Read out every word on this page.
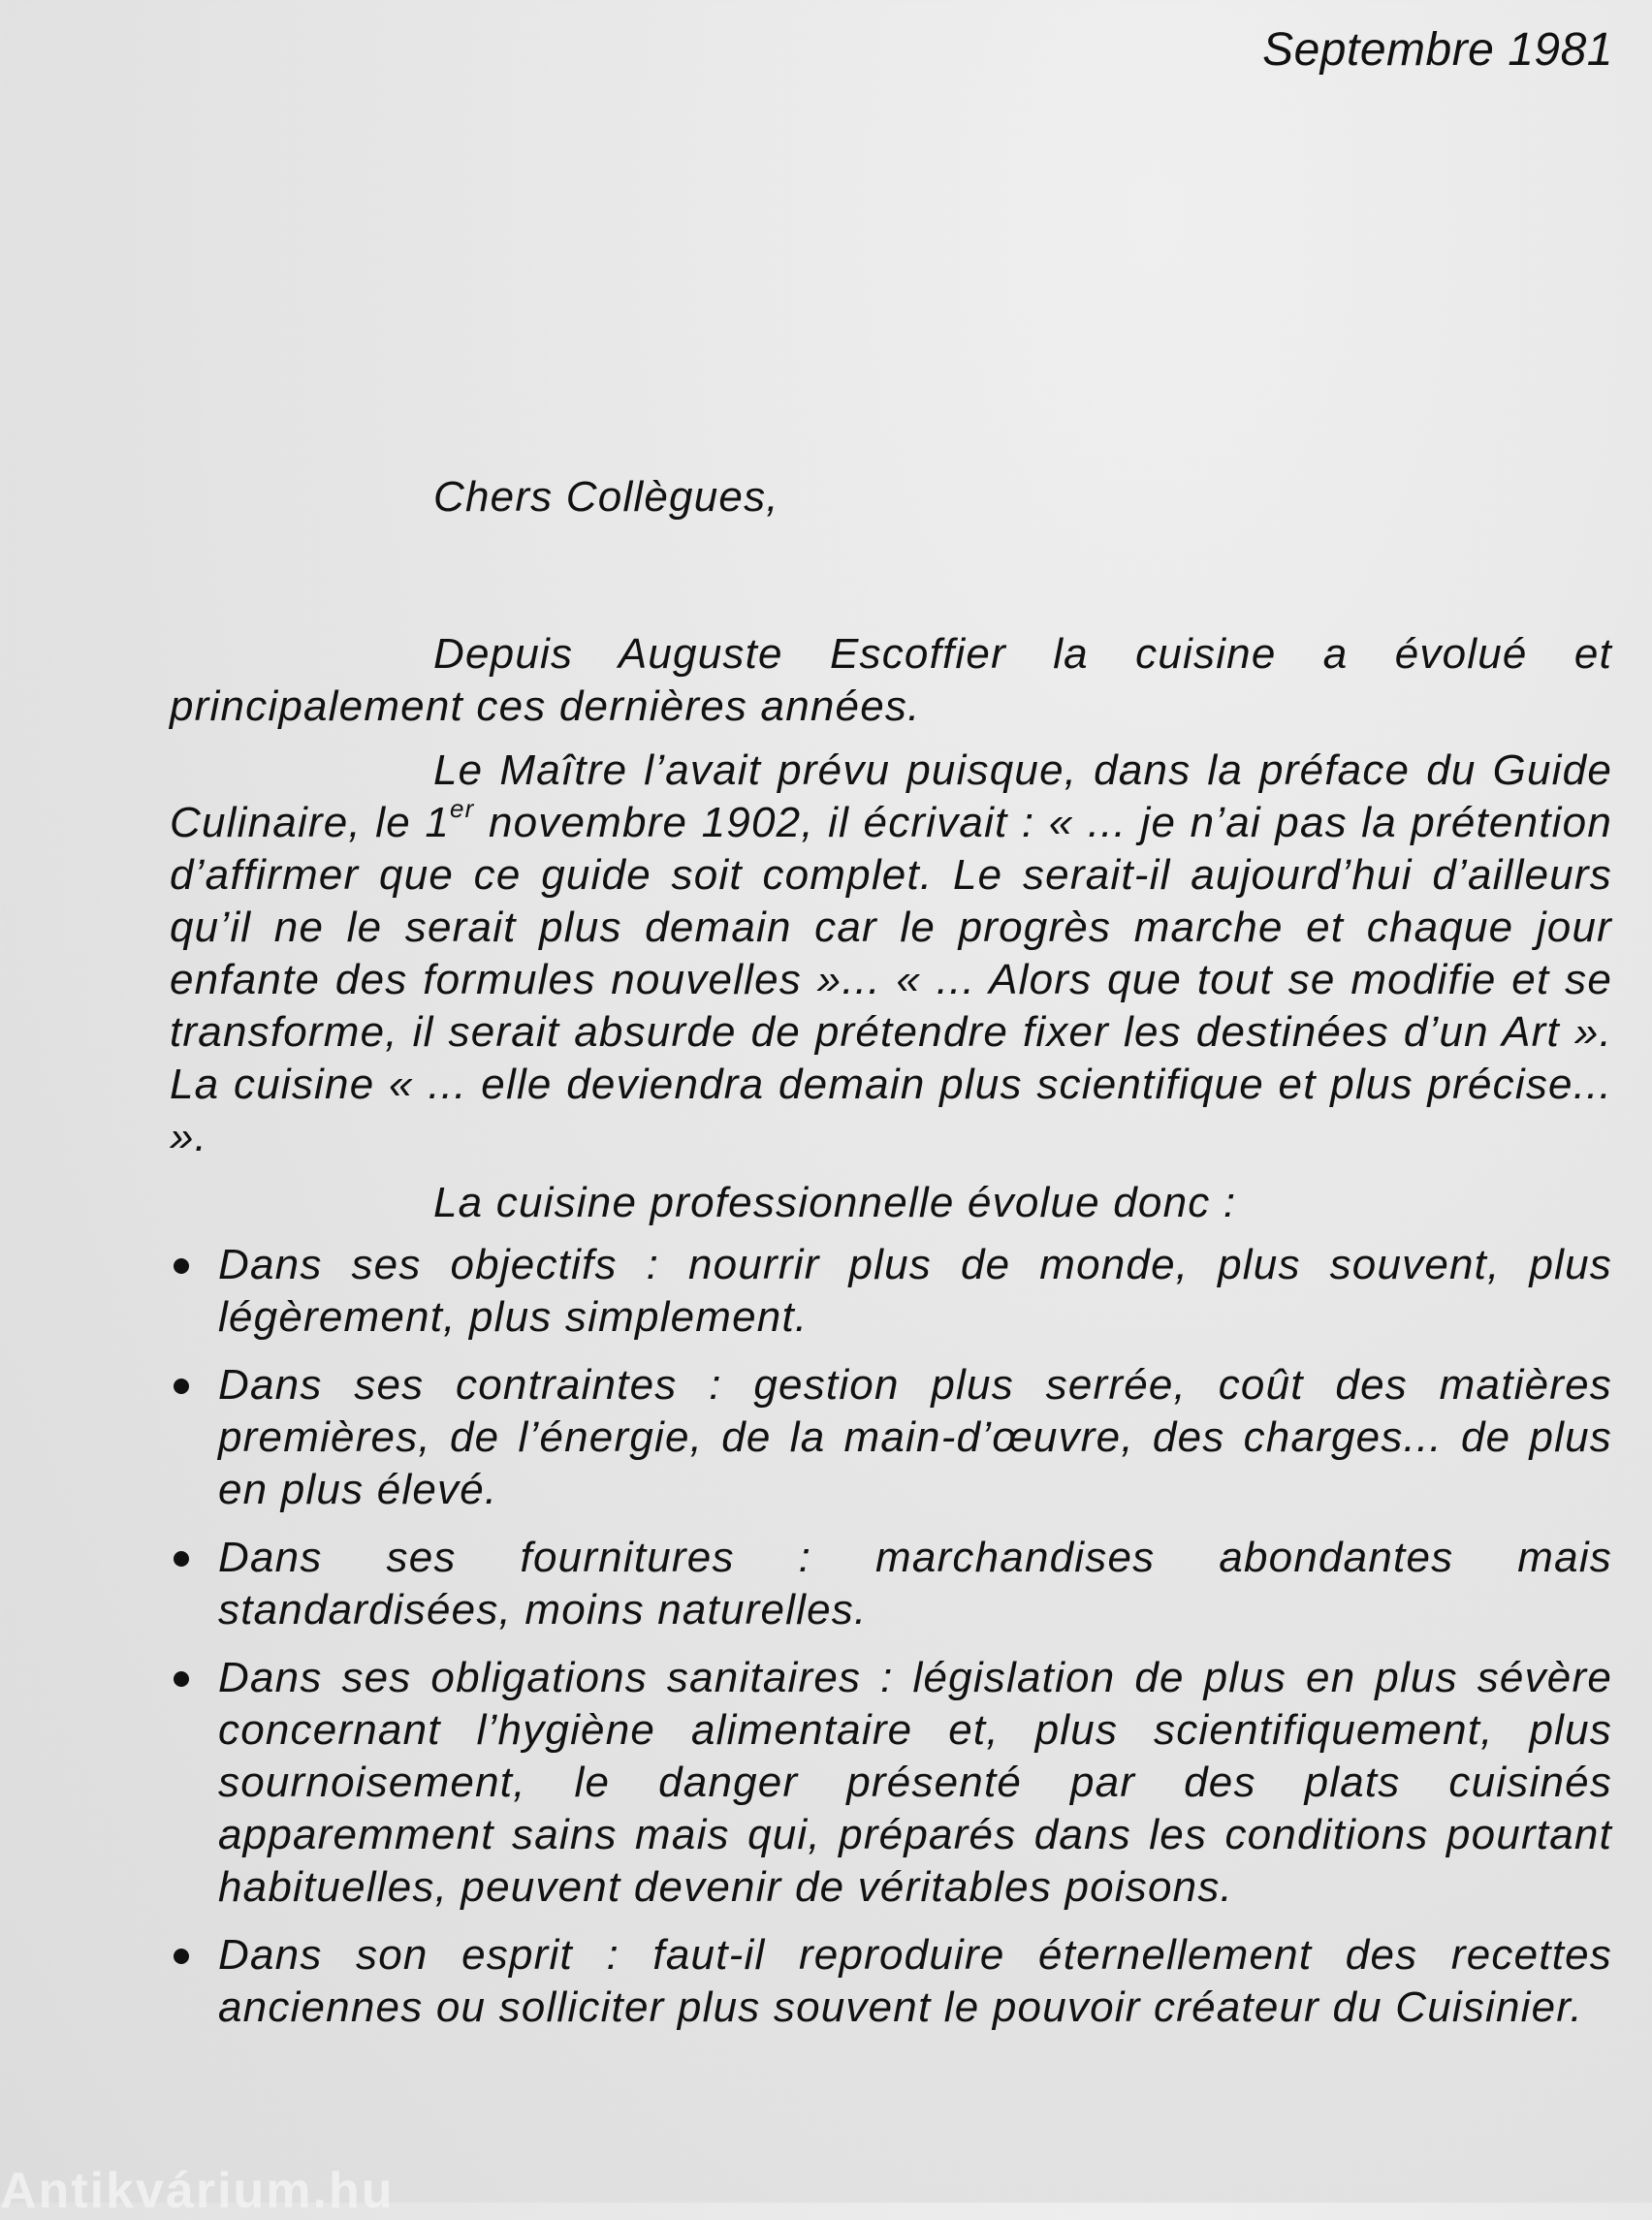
Septembre 1981
Chers Collègues,

Depuis Auguste Escoffier la cuisine a évolué et principalement ces dernières années.

Le Maître l’avait prévu puisque, dans la préface du Guide Culinaire, le 1er novembre 1902, il écrivait : « ... je n’ai pas la prétention d’affirmer que ce guide soit complet. Le serait-il aujourd’hui d’ailleurs qu’il ne le serait plus demain car le progrès marche et chaque jour enfante des formules nouvelles »... « ... Alors que tout se modifie et se transforme, il serait absurde de prétendre fixer les destinées d’un Art ». La cuisine « ... elle deviendra demain plus scientifique et plus précise... ».

La cuisine professionnelle évolue donc :

Dans ses objectifs : nourrir plus de monde, plus souvent, plus légèrement, plus simplement.
Dans ses contraintes : gestion plus serrée, coût des matières premières, de l’énergie, de la main-d’œuvre, des charges... de plus en plus élevé.
Dans ses fournitures : marchandises abondantes mais standardisées, moins naturelles.
Dans ses obligations sanitaires : législation de plus en plus sévère concernant l’hygiène alimentaire et, plus scientifiquement, plus sournoisement, le danger présenté par des plats cuisinés apparemment sains mais qui, préparés dans les conditions pourtant habituelles, peuvent devenir de véritables poisons.
Dans son esprit : faut-il reproduire éternellement des recettes anciennes ou solliciter plus souvent le pouvoir créateur du Cuisinier.
Antikvárium.hu
